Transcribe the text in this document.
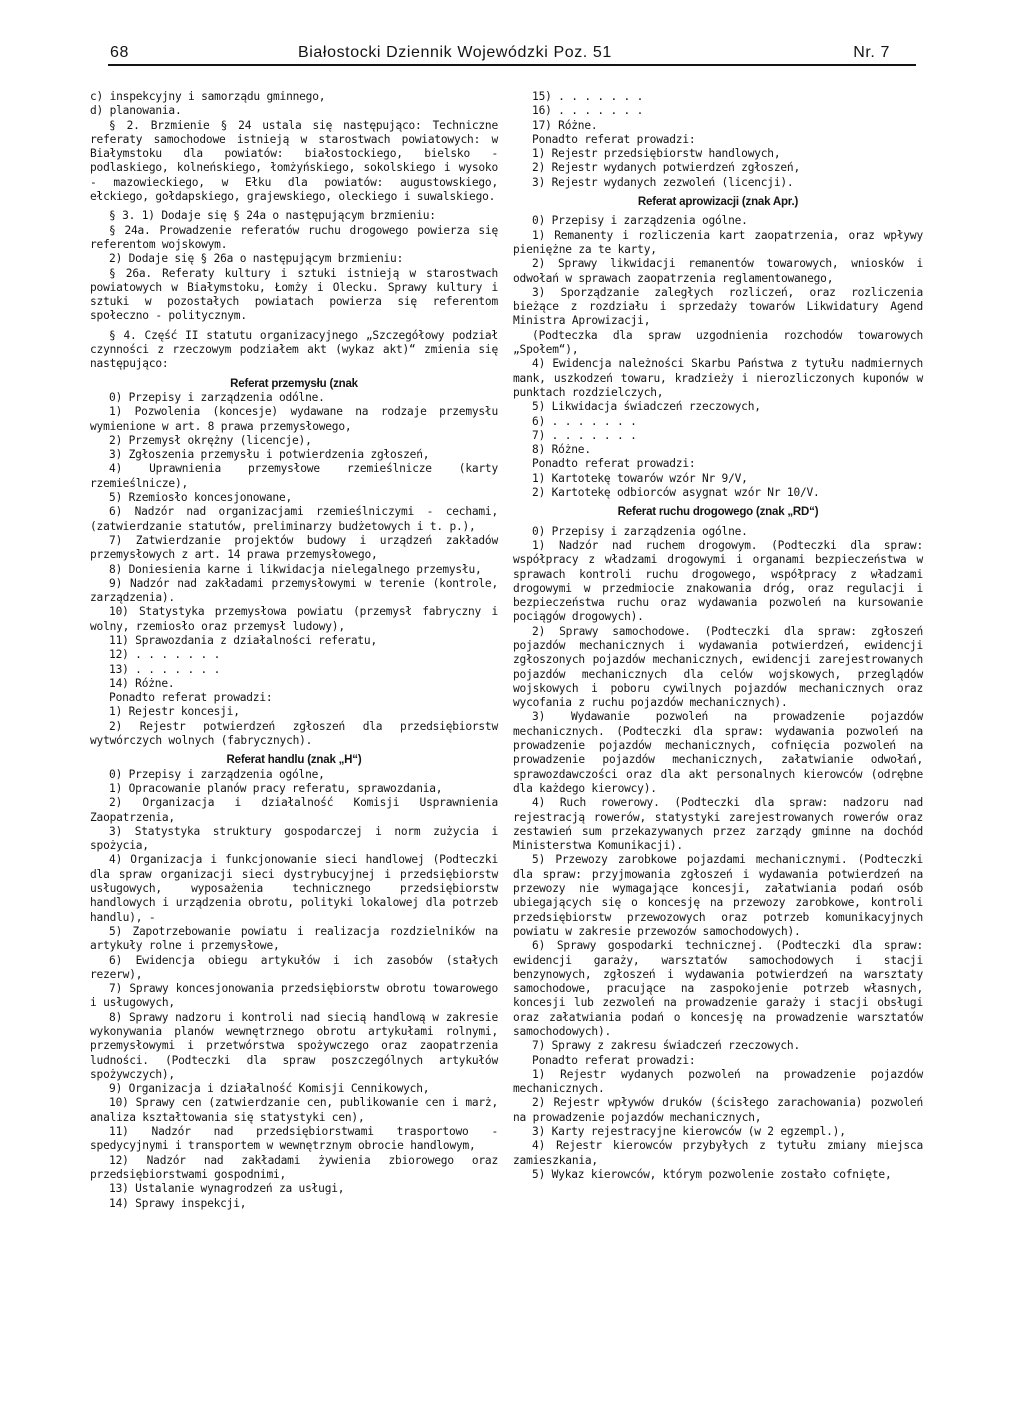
68	Białostocki Dziennik Wojewódzki Poz. 51	Nr. 7

c) inspekcyjny i samorządu gminnego,

d) planowania.

§ 2. Brzmienie § 24 ustala się następująco: Techniczne referaty samochodowe istnieją w starostwach powiatowych: w Białymstoku dla powiatów: białostockiego, bielsko - podlaskiego, kolneńskiego, łomżyńskiego, sokolskiego i wysoko - mazowieckiego, w Ełku dla powiatów: augustowskiego, ełckiego, gołdapskiego, grajewskiego, oleckiego i suwalskiego.

§ 3. 1) Dodaje się § 24a o następującym brzmieniu:

§ 24a. Prowadzenie referatów ruchu drogowego powierza się referentom wojskowym.

2) Dodaje się § 26a o następującym brzmieniu:

§ 26a. Referaty kultury i sztuki istnieją w starostwach powiatowych w Białymstoku, Łomży i Olecku. Sprawy kultury i sztuki w pozostałych powiatach powierza się referentom społeczno - politycznym.

§ 4. Część II statutu organizacyjnego „Szczegółowy podział czynności z rzeczowym podziałem akt (wykaz akt)“ zmienia się następująco:

Referat przemysłu (znak

0) Przepisy i zarządzenia odólne.

1) Pozwolenia (koncesje) wydawane na rodzaje przemysłu wymienione w art. 8 prawa przemysłowego,

2) Przemysł okrężny (licencje),

3) Zgłoszenia przemysłu i potwierdzenia zgłoszeń,

4) Uprawnienia przemysłowe rzemieślnicze (karty rzemieślnicze),

5) Rzemiosło koncesjonowane,

6) Nadzór nad organizacjami rzemieślniczymi - cechami, (zatwierdzanie statutów, preliminarzy budżetowych i t. p.),

7) Zatwierdzanie projektów budowy i urządzeń zakładów przemysłowych z art. 14 prawa przemysłowego,

8) Doniesienia karne i likwidacja nielegalnego przemysłu,

9) Nadzór nad zakładami przemysłowymi w terenie (kontrole, zarządzenia).

10) Statystyka przemysłowa powiatu (przemysł fabryczny i wolny, rzemiosło oraz przemysł ludowy),

11) Sprawozdania z działalności referatu,

12) . . . . . . .

13) . . . . . . .

14) Różne.

Ponadto referat prowadzi:

1) Rejestr koncesji,

2) Rejestr potwierdzeń zgłoszeń dla przedsiębiorstw wytwórczych wolnych (fabrycznych).

Referat handlu (znak „H“)

0) Przepisy i zarządzenia ogólne,

1) Opracowanie planów pracy referatu, sprawozdania,

2) Organizacja i działalność Komisji Usprawnienia Zaopatrzenia,

3) Statystyka struktury gospodarczej i norm zużycia i spożycia,

4) Organizacja i funkcjonowanie sieci handlowej (Podteczki dla spraw organizacji sieci dystrybucyjnej i przedsiębiorstw usługowych, wyposażenia technicznego przedsiębiorstw handlowych i urządzenia obrotu, polityki lokalowej dla potrzeb handlu), -

5) Zapotrzebowanie powiatu i realizacja rozdzielników na artykuły rolne i przemysłowe,

6) Ewidencja obiegu artykułów i ich zasobów (stałych rezerw),

7) Sprawy koncesjonowania przedsiębiorstw obrotu towarowego i usługowych,

8) Sprawy nadzoru i kontroli nad siecią handlową w zakresie wykonywania planów wewnętrznego obrotu artykułami rolnymi, przemysłowymi i przetwórstwa spożywczego oraz zaopatrzenia ludności. (Podteczki dla spraw poszczególnych artykułów spożywczych),

9) Organizacja i działalność Komisji Cennikowych,

10) Sprawy cen (zatwierdzanie cen, publikowanie cen i marż, analiza kształtowania się statystyki cen),

11) Nadzór nad przedsiębiorstwami trasportowo - spedycyjnymi i transportem w wewnętrznym obrocie handlowym,

12) Nadzór nad zakładami żywienia zbiorowego oraz przedsiębiorstwami gospodnimi,

13) Ustalanie wynagrodzeń za usługi,

14) Sprawy inspekcji,

15) . . . . . . .

16) . . . . . . .

17) Różne.

Ponadto referat prowadzi:

1) Rejestr przedsiębiorstw handlowych,

2) Rejestr wydanych potwierdzeń zgłoszeń,

3) Rejestr wydanych zezwoleń (licencji).

Referat aprowizacji (znak Apr.)

0) Przepisy i zarządzenia ogólne.

1) Remanenty i rozliczenia kart zaopatrzenia, oraz wpływy pieniężne za te karty,

2) Sprawy likwidacji remanentów towarowych, wniosków i odwołań w sprawach zaopatrzenia reglamentowanego,

3) Sporządzanie zaległych rozliczeń, oraz rozliczenia bieżące z rozdziału i sprzedaży towarów Likwidatury Agend Ministra Aprowizacji,

(Podteczka dla spraw uzgodnienia rozchodów towarowych „Społem“),

4) Ewidencja należności Skarbu Państwa z tytułu nadmiernych mank, uszkodzeń towaru, kradzieży i nierozliczonych kuponów w punktach rozdzielczych,

5) Likwidacja świadczeń rzeczowych,

6) . . . . . . .

7) . . . . . . .

8) Różne.

Ponadto referat prowadzi:

1) Kartotekę towarów wzór Nr 9/V,

2) Kartotekę odbiorców asygnat wzór Nr 10/V.

Referat ruchu drogowego (znak „RD“)

0) Przepisy i zarządzenia ogólne.

1) Nadzór nad ruchem drogowym. (Podteczki dla spraw: współpracy z władzami drogowymi i organami bezpieczeństwa w sprawach kontroli ruchu drogowego, współpracy z władzami drogowymi w przedmiocie znakowania dróg, oraz regulacji i bezpieczeństwa ruchu oraz wydawania pozwoleń na kursowanie pociągów drogowych).

2) Sprawy samochodowe. (Podteczki dla spraw: zgłoszeń pojazdów mechanicznych i wydawania potwierdzeń, ewidencji zgłoszonych pojazdów mechanicznych, ewidencji zarejestrowanych pojazdów mechanicznych dla celów wojskowych, przeglądów wojskowych i poboru cywilnych pojazdów mechanicznych oraz wycofania z ruchu pojazdów mechanicznych).

3) Wydawanie pozwoleń na prowadzenie pojazdów mechanicznych. (Podteczki dla spraw: wydawania pozwoleń na prowadzenie pojazdów mechanicznych, cofnięcia pozwoleń na prowadzenie pojazdów mechanicznych, załatwianie odwołań, sprawozdawczości oraz dla akt personalnych kierowców (odrębne dla każdego kierowcy).

4) Ruch rowerowy. (Podteczki dla spraw: nadzoru nad rejestracją rowerów, statystyki zarejestrowanych rowerów oraz zestawień sum przekazywanych przez zarządy gminne na dochód Ministerstwa Komunikacji).

5) Przewozy zarobkowe pojazdami mechanicznymi. (Podteczki dla spraw: przyjmowania zgłoszeń i wydawania potwierdzeń na przewozy nie wymagające koncesji, załatwiania podań osób ubiegających się o koncesję na przewozy zarobkowe, kontroli przedsiębiorstw przewozowych oraz potrzeb komunikacyjnych powiatu w zakresie przewozów samochodowych).

6) Sprawy gospodarki technicznej. (Podteczki dla spraw: ewidencji garaży, warsztatów samochodowych i stacji benzynowych, zgłoszeń i wydawania potwierdzeń na warsztaty samochodowe, pracujące na zaspokojenie potrzeb własnych, koncesji lub zezwoleń na prowadzenie garaży i stacji obsługi oraz załatwiania podań o koncesję na prowadzenie warsztatów samochodowych).

7) Sprawy z zakresu świadczeń rzeczowych.

Ponadto referat prowadzi:

1) Rejestr wydanych pozwoleń na prowadzenie pojazdów mechanicznych.

2) Rejestr wpływów druków (ścisłego zarachowania) pozwoleń na prowadzenie pojazdów mechanicznych,

3) Karty rejestracyjne kierowców (w 2 egzempl.),

4) Rejestr kierowców przybyłych z tytułu zmiany miejsca zamieszkania,

5) Wykaz kierowców, którym pozwolenie zostało cofnięte,
